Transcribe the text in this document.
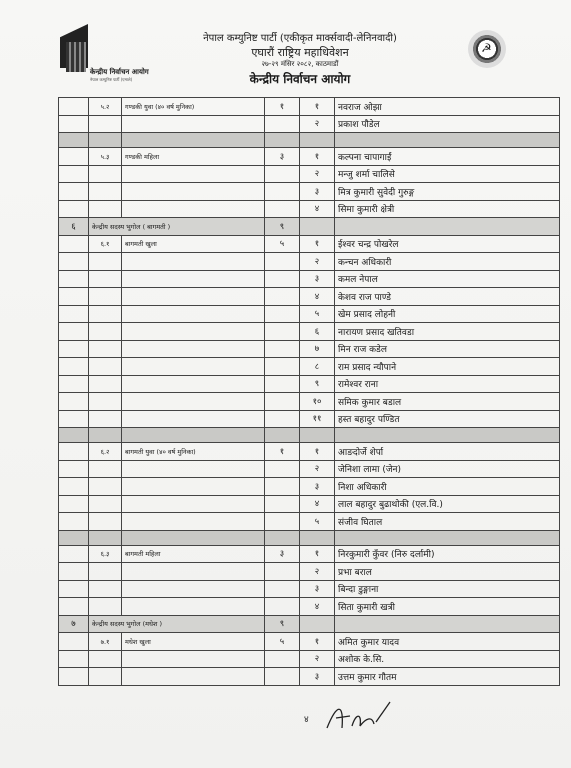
केन्द्रीय निर्वाचन आयोग
नेपाल कम्युनिष्ट पार्टी (एमाले)
नेपाल कम्युनिष्ट पार्टी (एकीकृत मार्क्सवादी-लेनिनवादी)
एघारौं राष्ट्रिय महाधिवेशन
२७-२९ मंसिर २०८२, काठमाडौं
केन्द्रीय निर्वाचन आयोग
☭
	५.२	गण्डकी युवा (४० वर्ष मुनिका)	१	१	नवराज ओझा
				२	प्रकाश पौडेल

	५.३	गण्डकी महिला	३	१	कल्पना चापागाईं
				२	मन्जु शर्मा चालिसे
				३	मित्र कुमारी सुवेदी गुरुङ्ग
				४	सिमा कुमारी क्षेत्री
६	केन्द्रीय सदस्य भुगोल ( बागमती )		९		
	६.१	बागमती खुला	५	१	ईश्वर चन्द्र पोखरेल
				२	कन्चन अधिकारी
				३	कमल नेपाल
				४	केशव राज पाण्डे
				५	खेम प्रसाद लोहनी
				६	नारायण प्रसाद खतिवडा
				७	मिन राज कडेल
				८	राम प्रसाद न्यौपाने
				९	रामेश्वर राना
				१०	समिक कुमार बडाल
				११	हस्त बहादुर पण्डित

	६.२	बागमती युवा (४० वर्ष मुनिका)	१	१	आङदोर्जे शेर्पा
				२	जेनिशा लामा (जेन)
				३	निशा अधिकारी
				४	लाल बहादुर बुढाथोकी (एल.वि.)
				५	संजीव घिताल

	६.३	बागमती महिला	३	१	निरकुमारी कुँवर (निरु दर्लामी)
				२	प्रभा बराल
				३	बिन्दा डुङ्गाना
				४	सिता कुमारी खत्री
७	केन्द्रीय सदस्य भुगोल (मधेश )		९		
	७.१	मधेश खुला	५	१	अमित कुमार यादव
				२	अशोक के.सि.
				३	उत्तम कुमार गौतम
४
